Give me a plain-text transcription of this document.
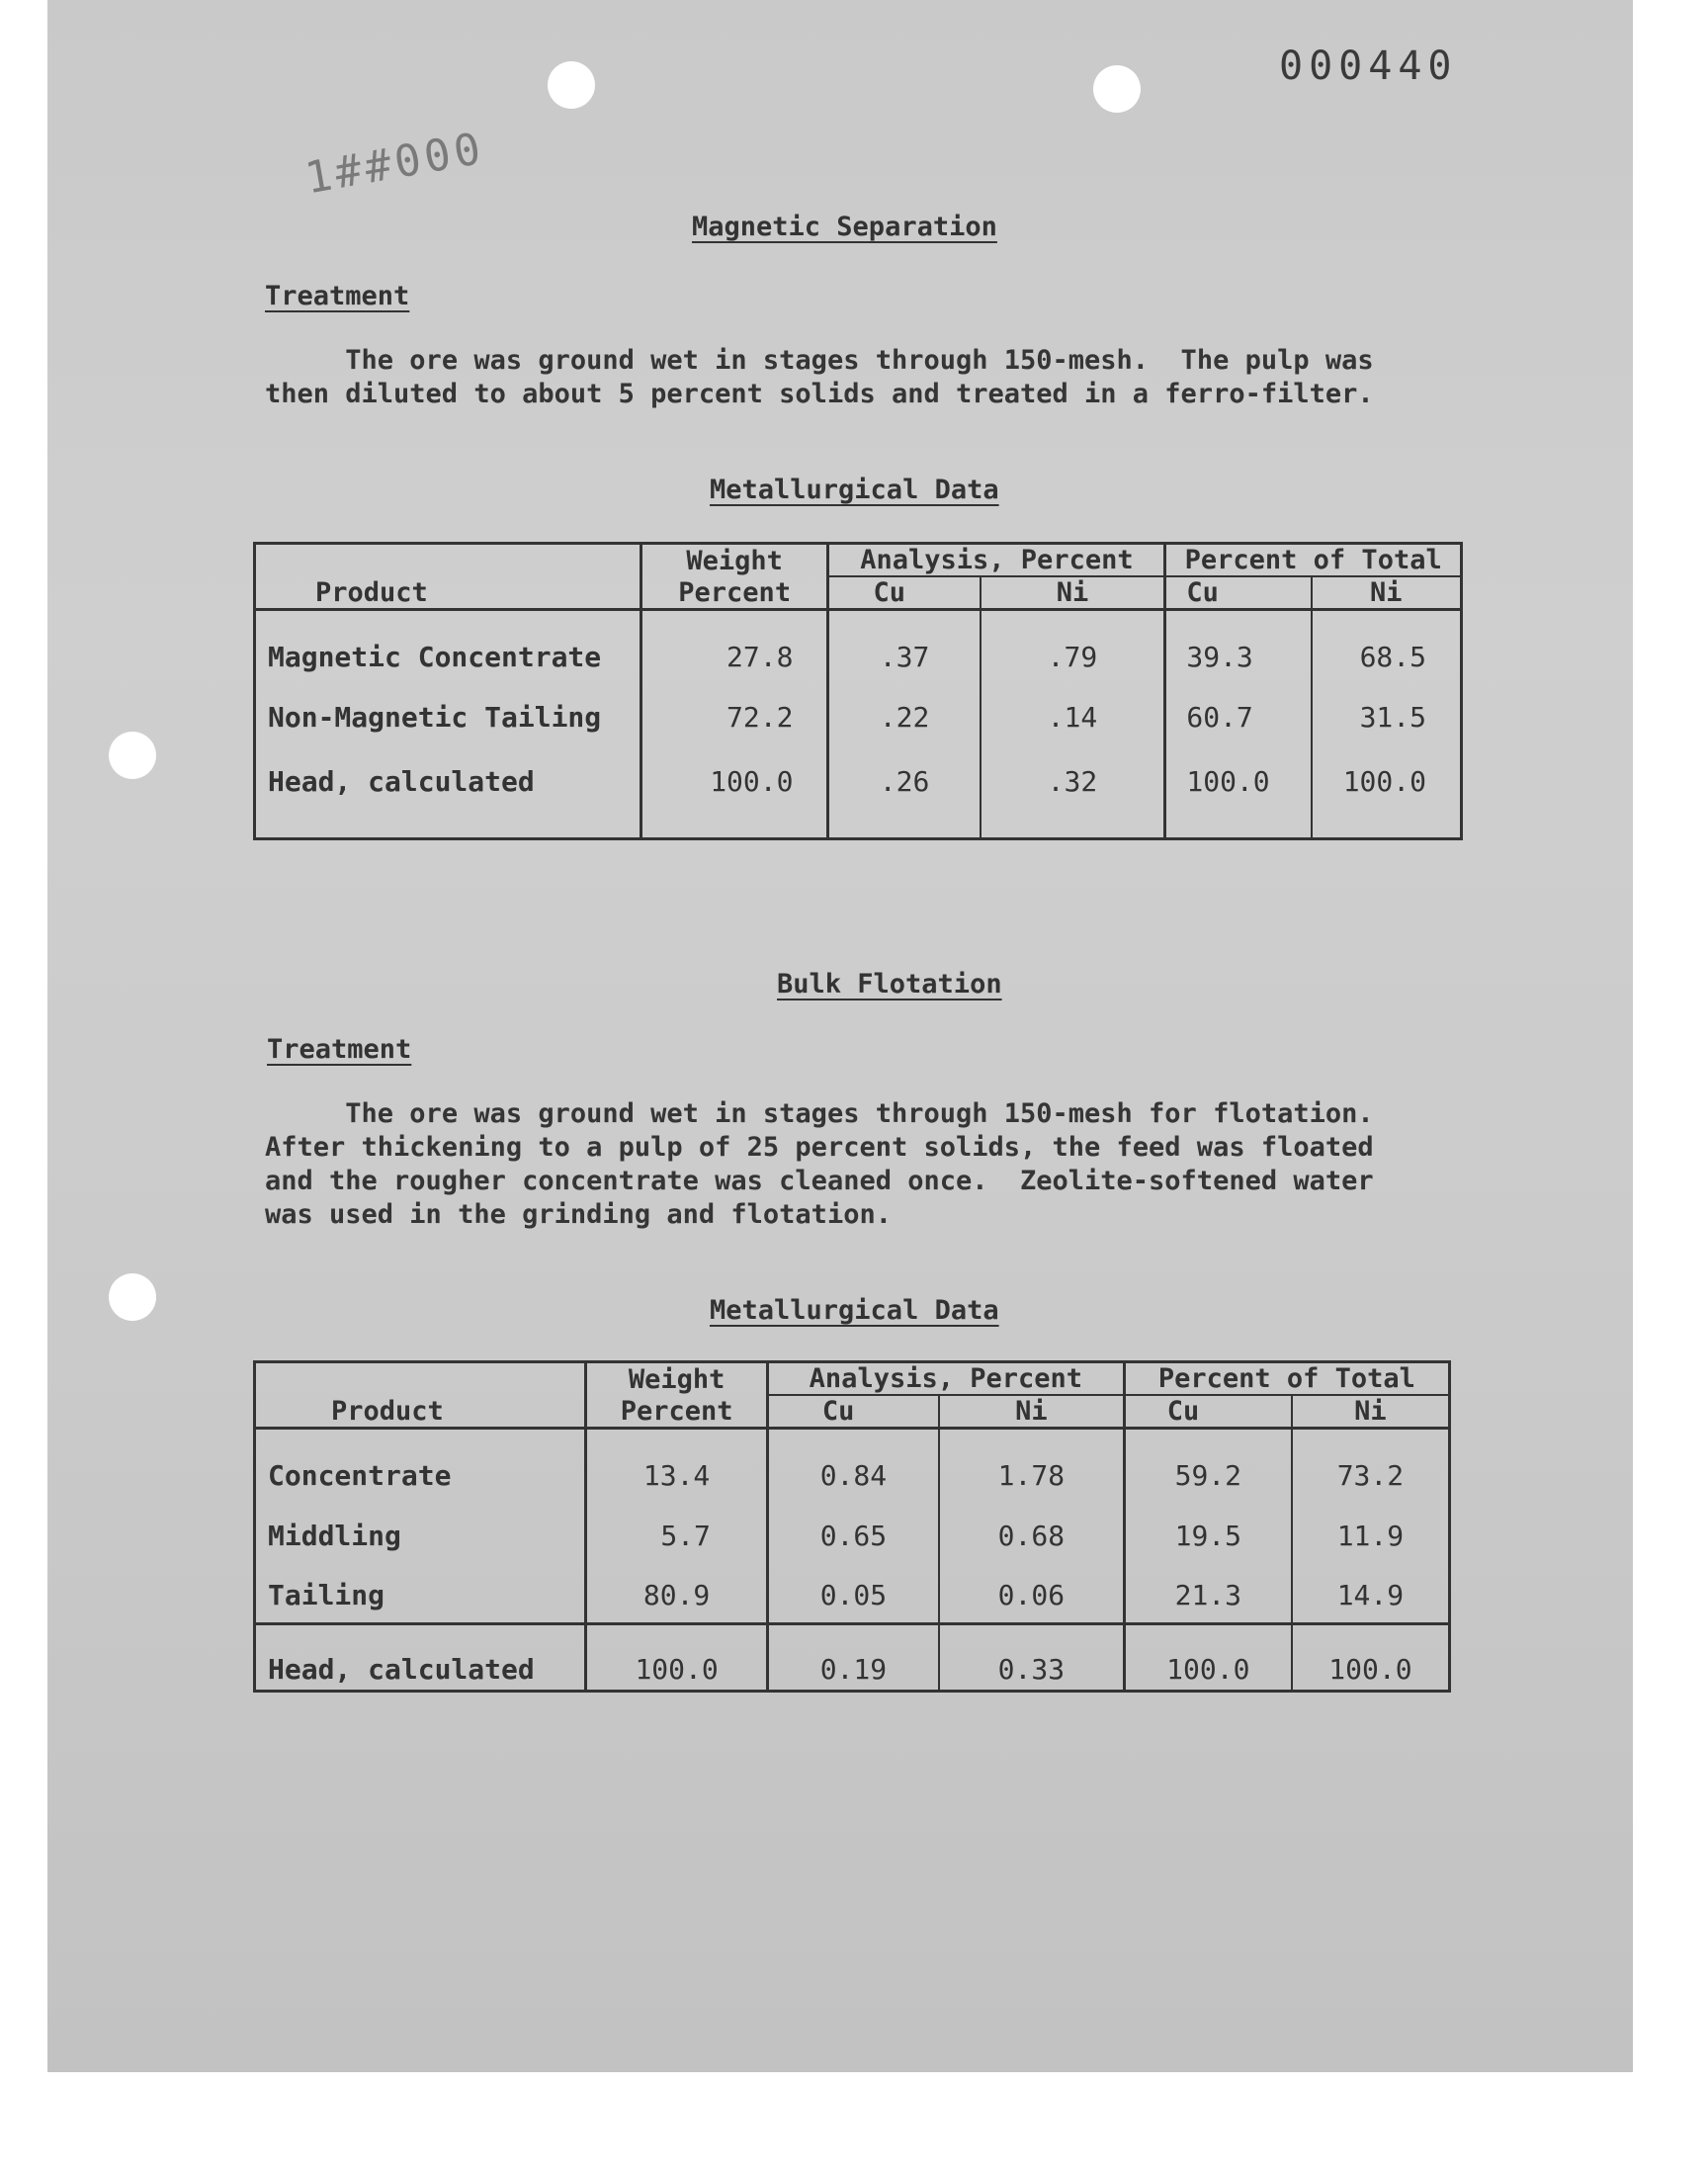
000440
1##000
Magnetic Separation
Treatment
The ore was ground wet in stages through 150-mesh.  The pulp was
then diluted to about 5 percent solids and treated in a ferro-filter.
Metallurgical Data
Product	Weight	Analysis, Percent		Percent of Total	
	Percent	Cu	Ni	Cu	Ni
Magnetic Concentrate	27.8	.37	.79	39.3	68.5
Non-Magnetic Tailing	72.2	.22	.14	60.7	31.5
Head, calculated	100.0	.26	.32	100.0	100.0
Bulk Flotation
Treatment
The ore was ground wet in stages through 150-mesh for flotation.
After thickening to a pulp of 25 percent solids, the feed was floated
and the rougher concentrate was cleaned once.  Zeolite-softened water
was used in the grinding and flotation.
Metallurgical Data
Product	Weight	Analysis, Percent		Percent of Total	
	Percent	Cu	Ni	Cu	Ni
Concentrate	13.4	0.84	1.78	59.2	73.2
Middling	5.7	0.65	0.68	19.5	11.9
Tailing	80.9	0.05	0.06	21.3	14.9
Head, calculated	100.0	0.19	0.33	100.0	100.0
